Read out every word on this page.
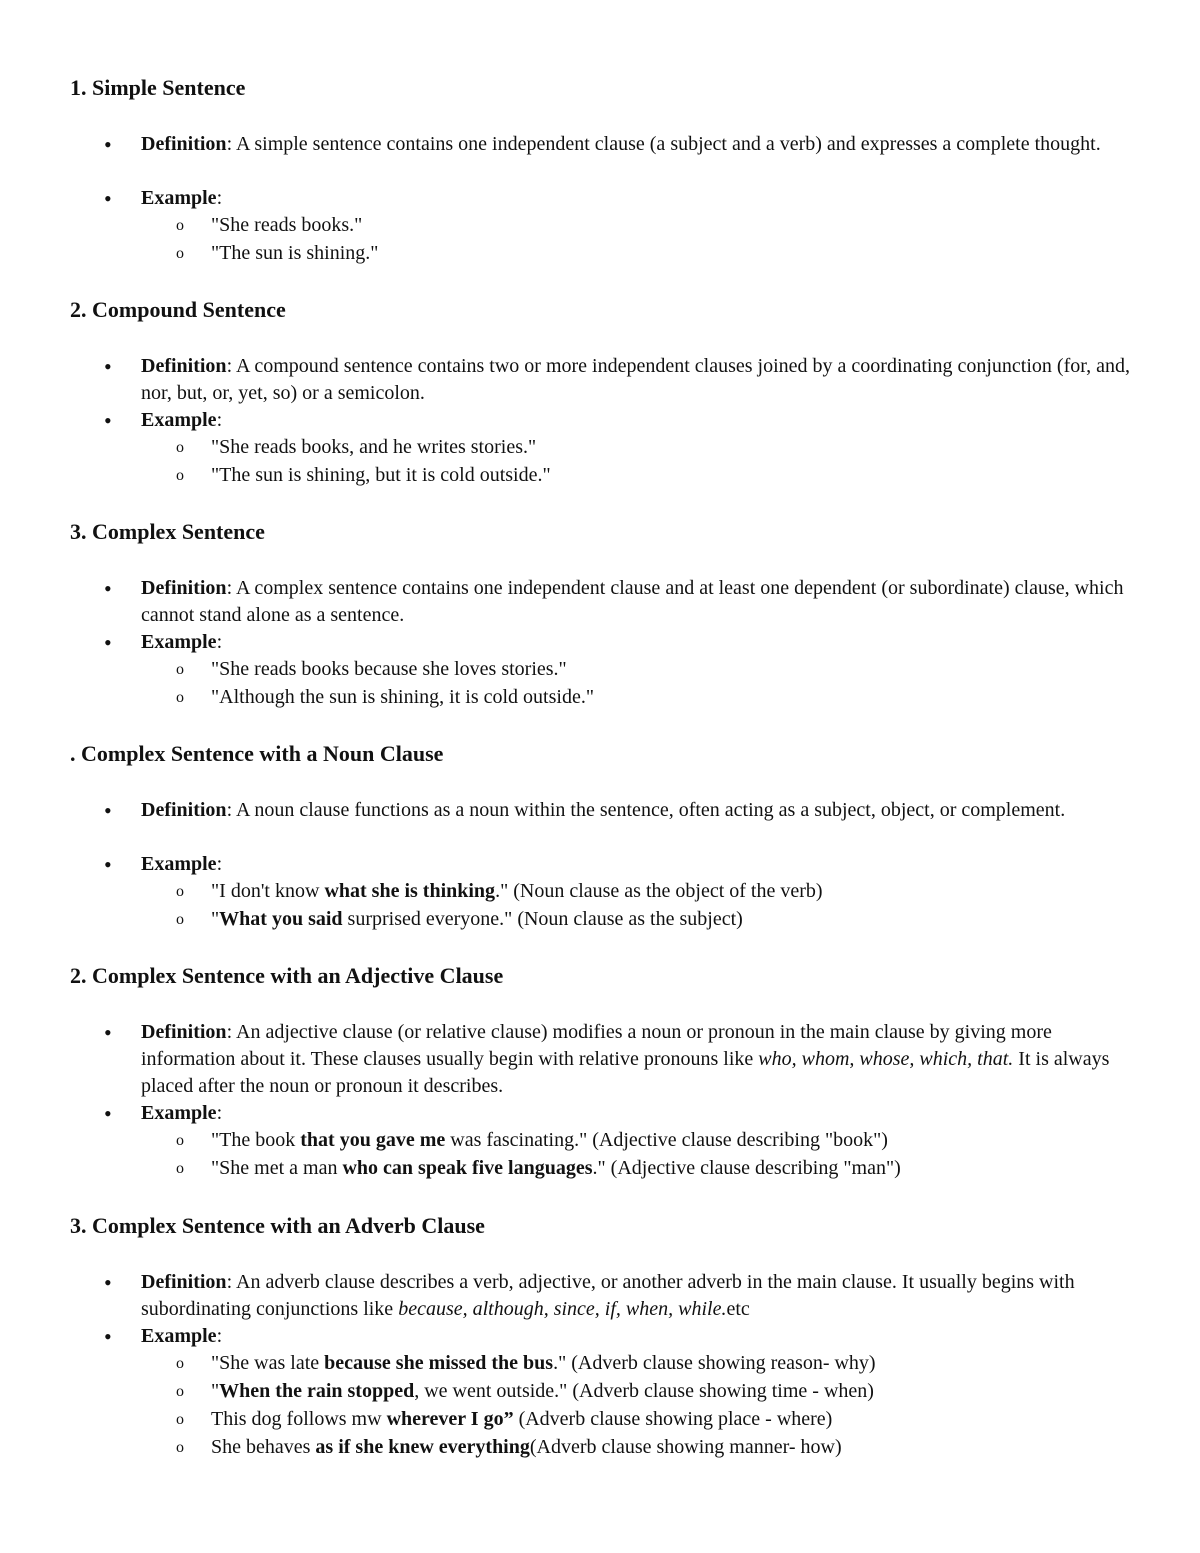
1. Simple Sentence
• Definition: A simple sentence contains one independent clause (a subject and a verb) and expresses a complete thought.
• Example:
o "She reads books."
o "The sun is shining."
2. Compound Sentence
• Definition: A compound sentence contains two or more independent clauses joined by a coordinating conjunction (for, and, nor, but, or, yet, so) or a semicolon.
• Example:
o "She reads books, and he writes stories."
o "The sun is shining, but it is cold outside."
3. Complex Sentence
• Definition: A complex sentence contains one independent clause and at least one dependent (or subordinate) clause, which cannot stand alone as a sentence.
• Example:
o "She reads books because she loves stories."
o "Although the sun is shining, it is cold outside."
. Complex Sentence with a Noun Clause
• Definition: A noun clause functions as a noun within the sentence, often acting as a subject, object, or complement.
• Example:
o "I don't know what she is thinking." (Noun clause as the object of the verb)
o "What you said surprised everyone." (Noun clause as the subject)
2. Complex Sentence with an Adjective Clause
• Definition: An adjective clause (or relative clause) modifies a noun or pronoun in the main clause by giving more information about it. These clauses usually begin with relative pronouns like who, whom, whose, which, that. It is always placed after the noun or pronoun it describes.
• Example:
o "The book that you gave me was fascinating." (Adjective clause describing "book")
o "She met a man who can speak five languages." (Adjective clause describing "man")
3. Complex Sentence with an Adverb Clause
• Definition: An adverb clause describes a verb, adjective, or another adverb in the main clause. It usually begins with subordinating conjunctions like because, although, since, if, when, while.etc
• Example:
o "She was late because she missed the bus." (Adverb clause showing reason- why)
o "When the rain stopped, we went outside." (Adverb clause showing time - when)
o This dog follows mw wherever I go” (Adverb clause showing place - where)
o She behaves as if she knew everything(Adverb clause showing manner- how)
